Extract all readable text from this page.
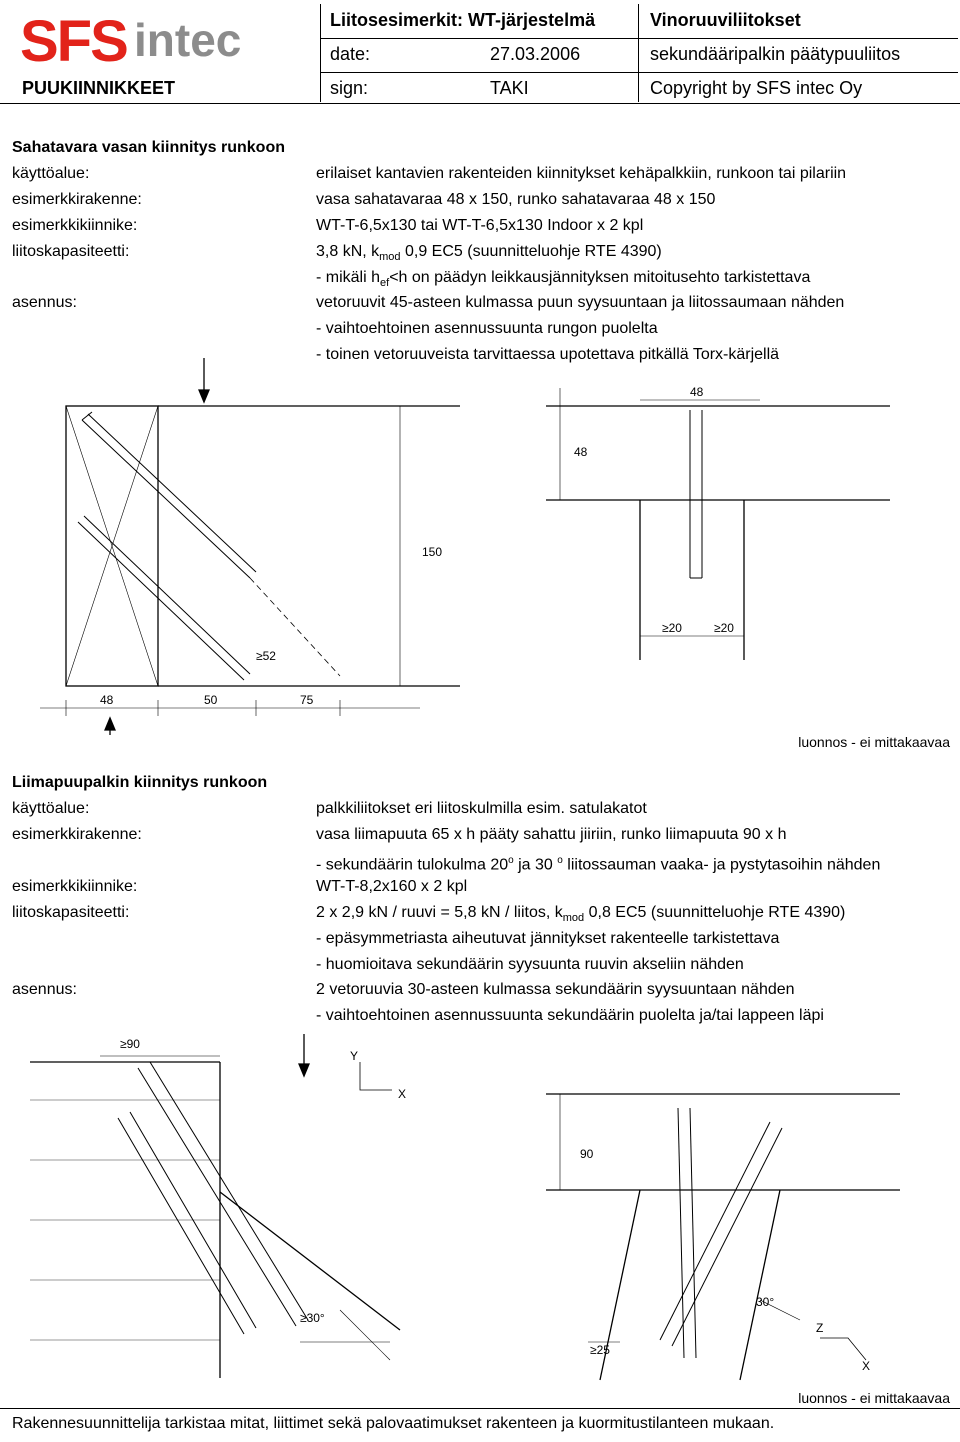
SFS intec
PUUKIINNIKKEET
Liitosesimerkit: WT-järjestelmä	Vinoruuviliitokset
date:	27.03.2006	sekundääripalkin päätypuuliitos
sign:	TAKI	Copyright by SFS intec Oy
Sahatavara vasan kiinnitys runkoon
käyttöalue:	erilaiset kantavien rakenteiden kiinnitykset kehäpalkkiin, runkoon tai pilariin
esimerkkirakenne:	vasa sahatavaraa 48 x 150, runko sahatavaraa 48 x 150
esimerkkikiinnike:	WT-T-6,5x130 tai WT-T-6,5x130 Indoor x 2 kpl
liitoskapasiteetti:	3,8 kN, $k_{mod}$ 0,9 EC5 (suunnitteluohje RTE 4390)
- mikäli $h_{ef}<h$ on päädyn leikkausjännityksen mitoitusehto tarkistettava
asennus:	vetoruuvit 45-asteen kulmassa puun syysuuntaan ja liitossaumaan nähden
- vaihtoehtoinen asennussuunta rungon puolelta
- toinen vetoruuveista tarvittaessa upotettava pitkällä Torx-kärjellä
150
≥52
48	50	75
48
48
≥20	≥20
luonnos - ei mittakaavaa
Liimapuupalkin kiinnitys runkoon
käyttöalue:	palkkiliitokset eri liitoskulmilla esim. satulakatot
esimerkkirakenne:	vasa liimapuuta 65 x h pääty sahattu jiiriin, runko liimapuuta 90 x h
- sekundäärin tulokulma 20$^o$ ja 30 $^o$ liitossauman vaaka- ja pystytasoihin nähden
esimerkkikiinnike:	WT-T-8,2x160 x 2 kpl
liitoskapasiteetti:	2 x 2,9 kN / ruuvi = 5,8 kN / liitos, $k_{mod}$ 0,8 EC5 (suunnitteluohje RTE 4390)
- epäsymmetriasta aiheutuvat jännitykset rakenteelle tarkistettava
- huomioitava sekundäärin syysuunta ruuvin akseliin nähden
asennus:	2 vetoruuvia 30-asteen kulmassa sekundäärin syysuuntaan nähden
- vaihtoehtoinen asennussuunta sekundäärin puolelta ja/tai lappeen läpi
≥90
≥30°
Y
X
90
30°
≥25
Z
X
luonnos - ei mittakaavaa
Rakennesuunnittelija tarkistaa mitat, liittimet sekä palovaatimukset rakenteen ja kuormitustilanteen mukaan.
